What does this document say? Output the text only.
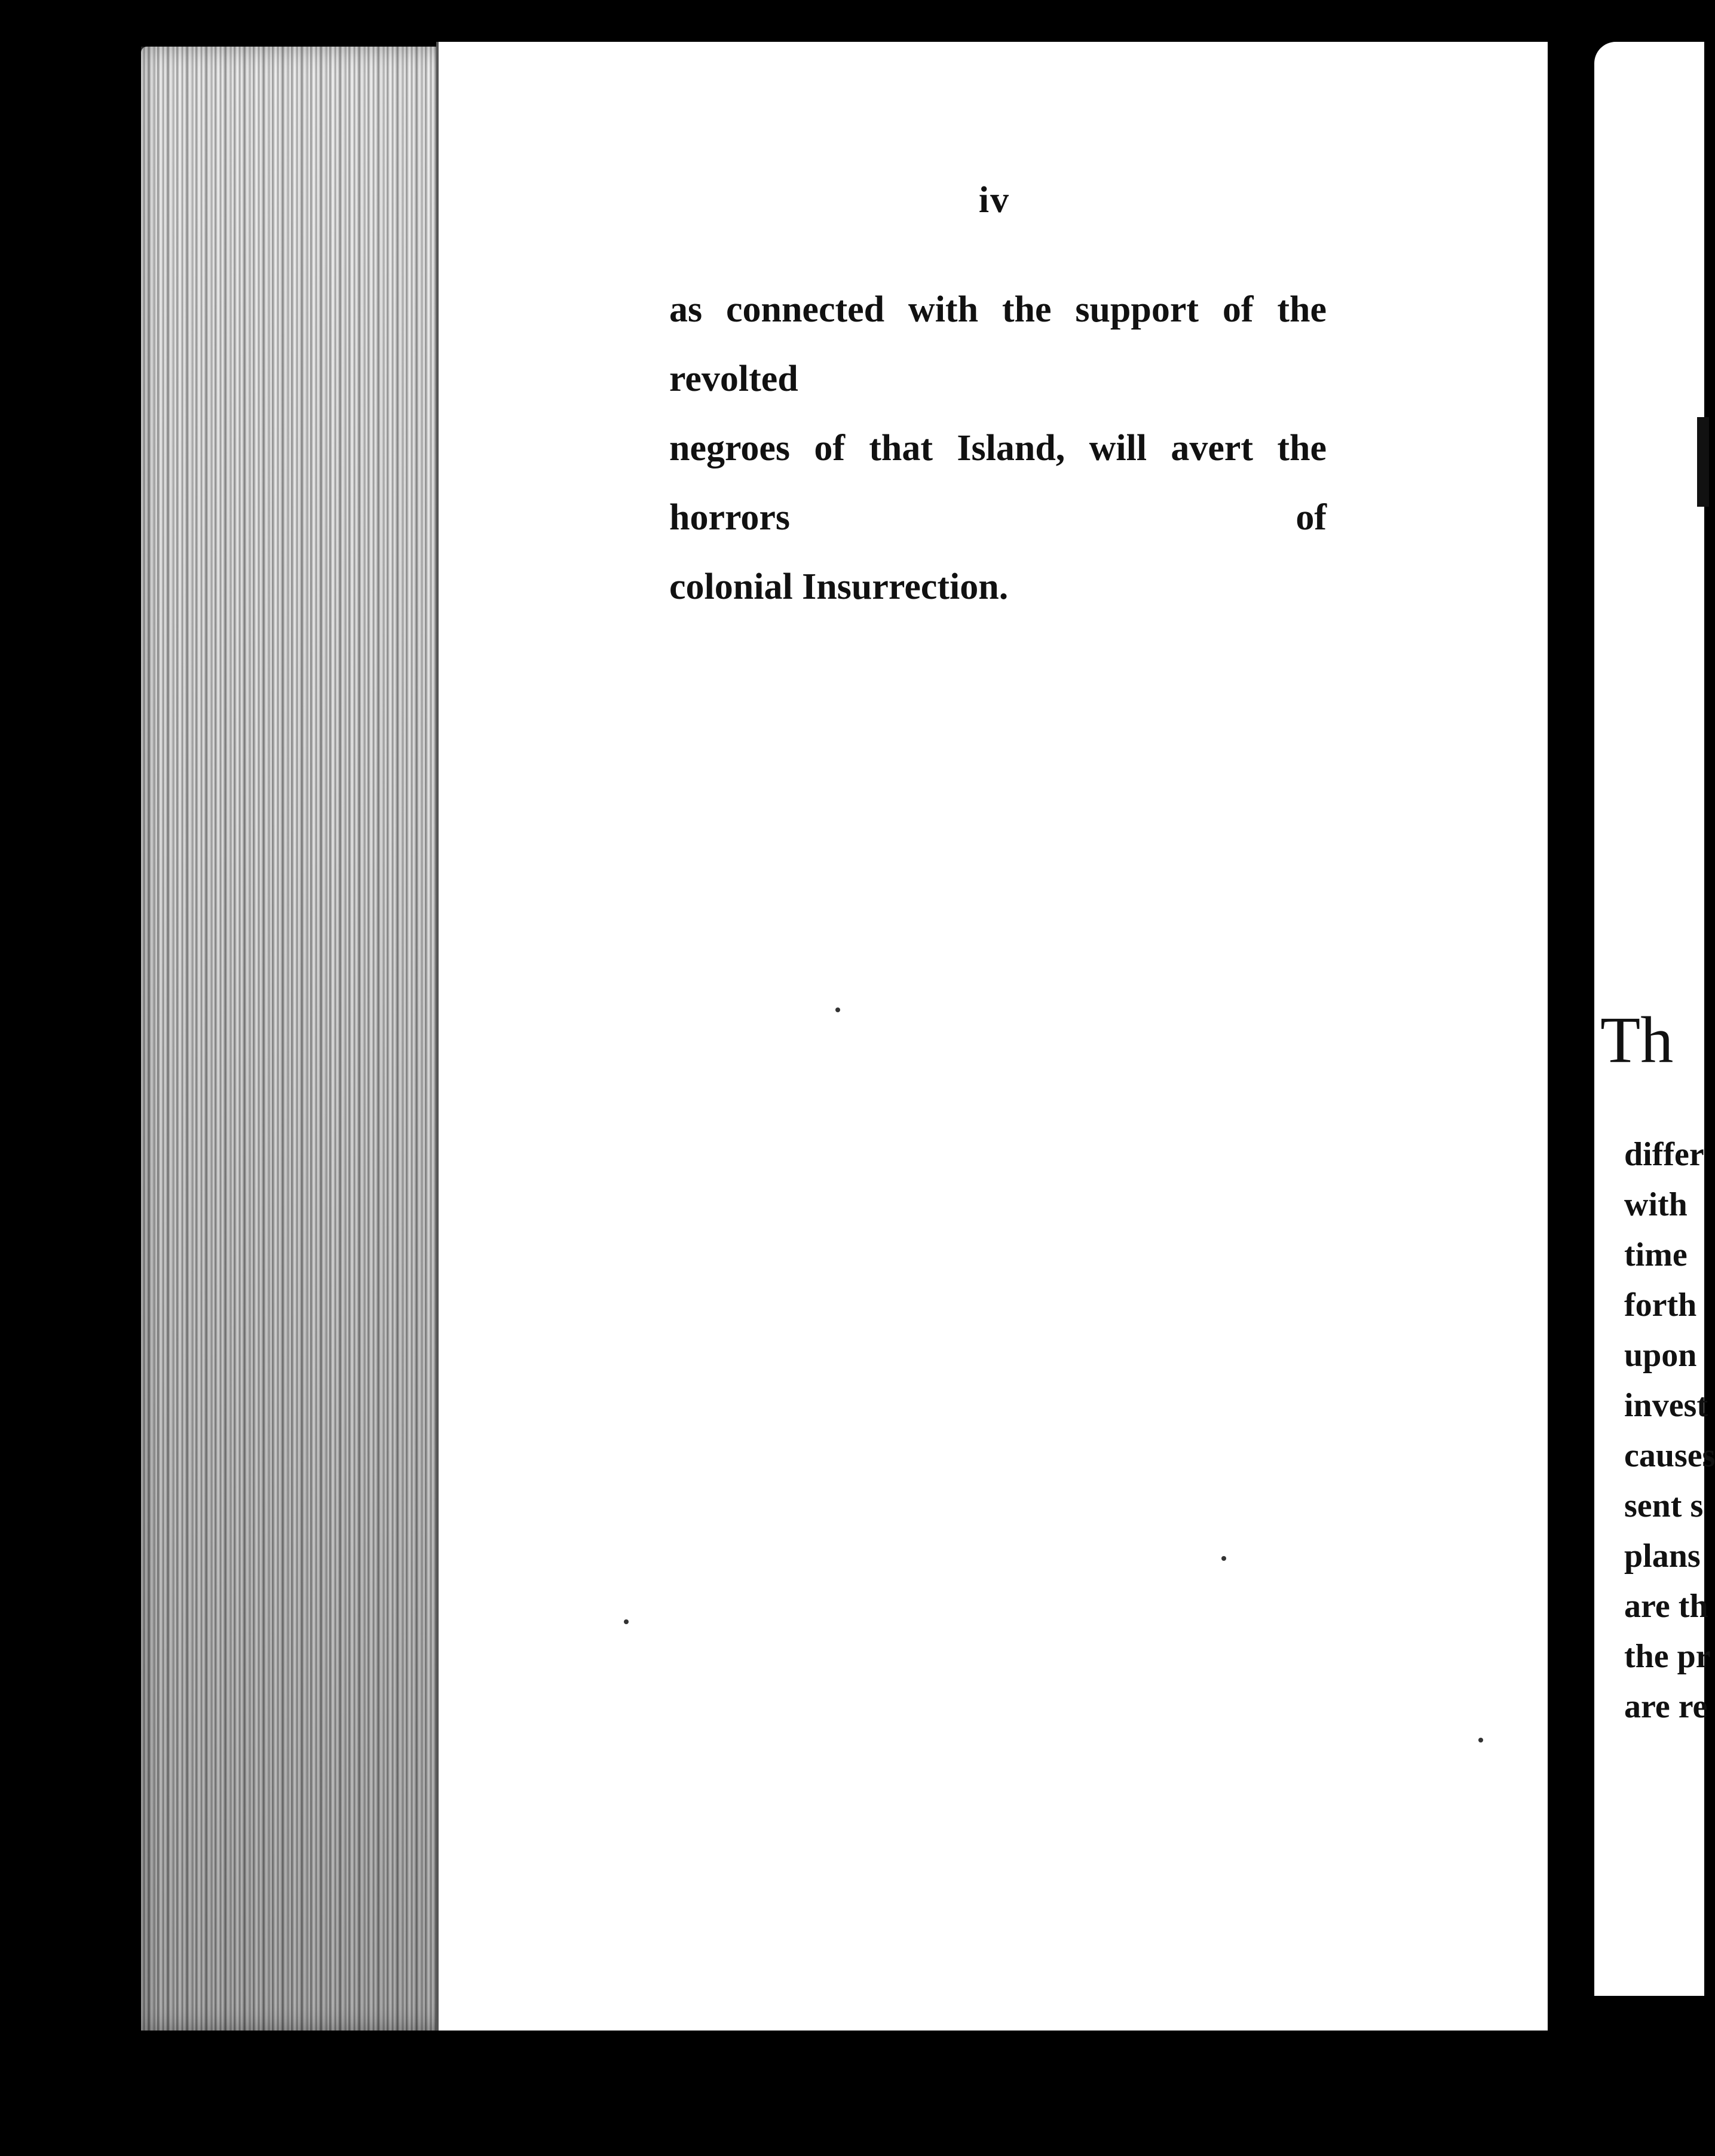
iv
as connected with the support of the revolted
negroes of that Island, will avert the horrors of
colonial Insurrection.
Th
differ
with
time
forth
upon
invest
causes
sent s
plans
are th
the pr
are re
